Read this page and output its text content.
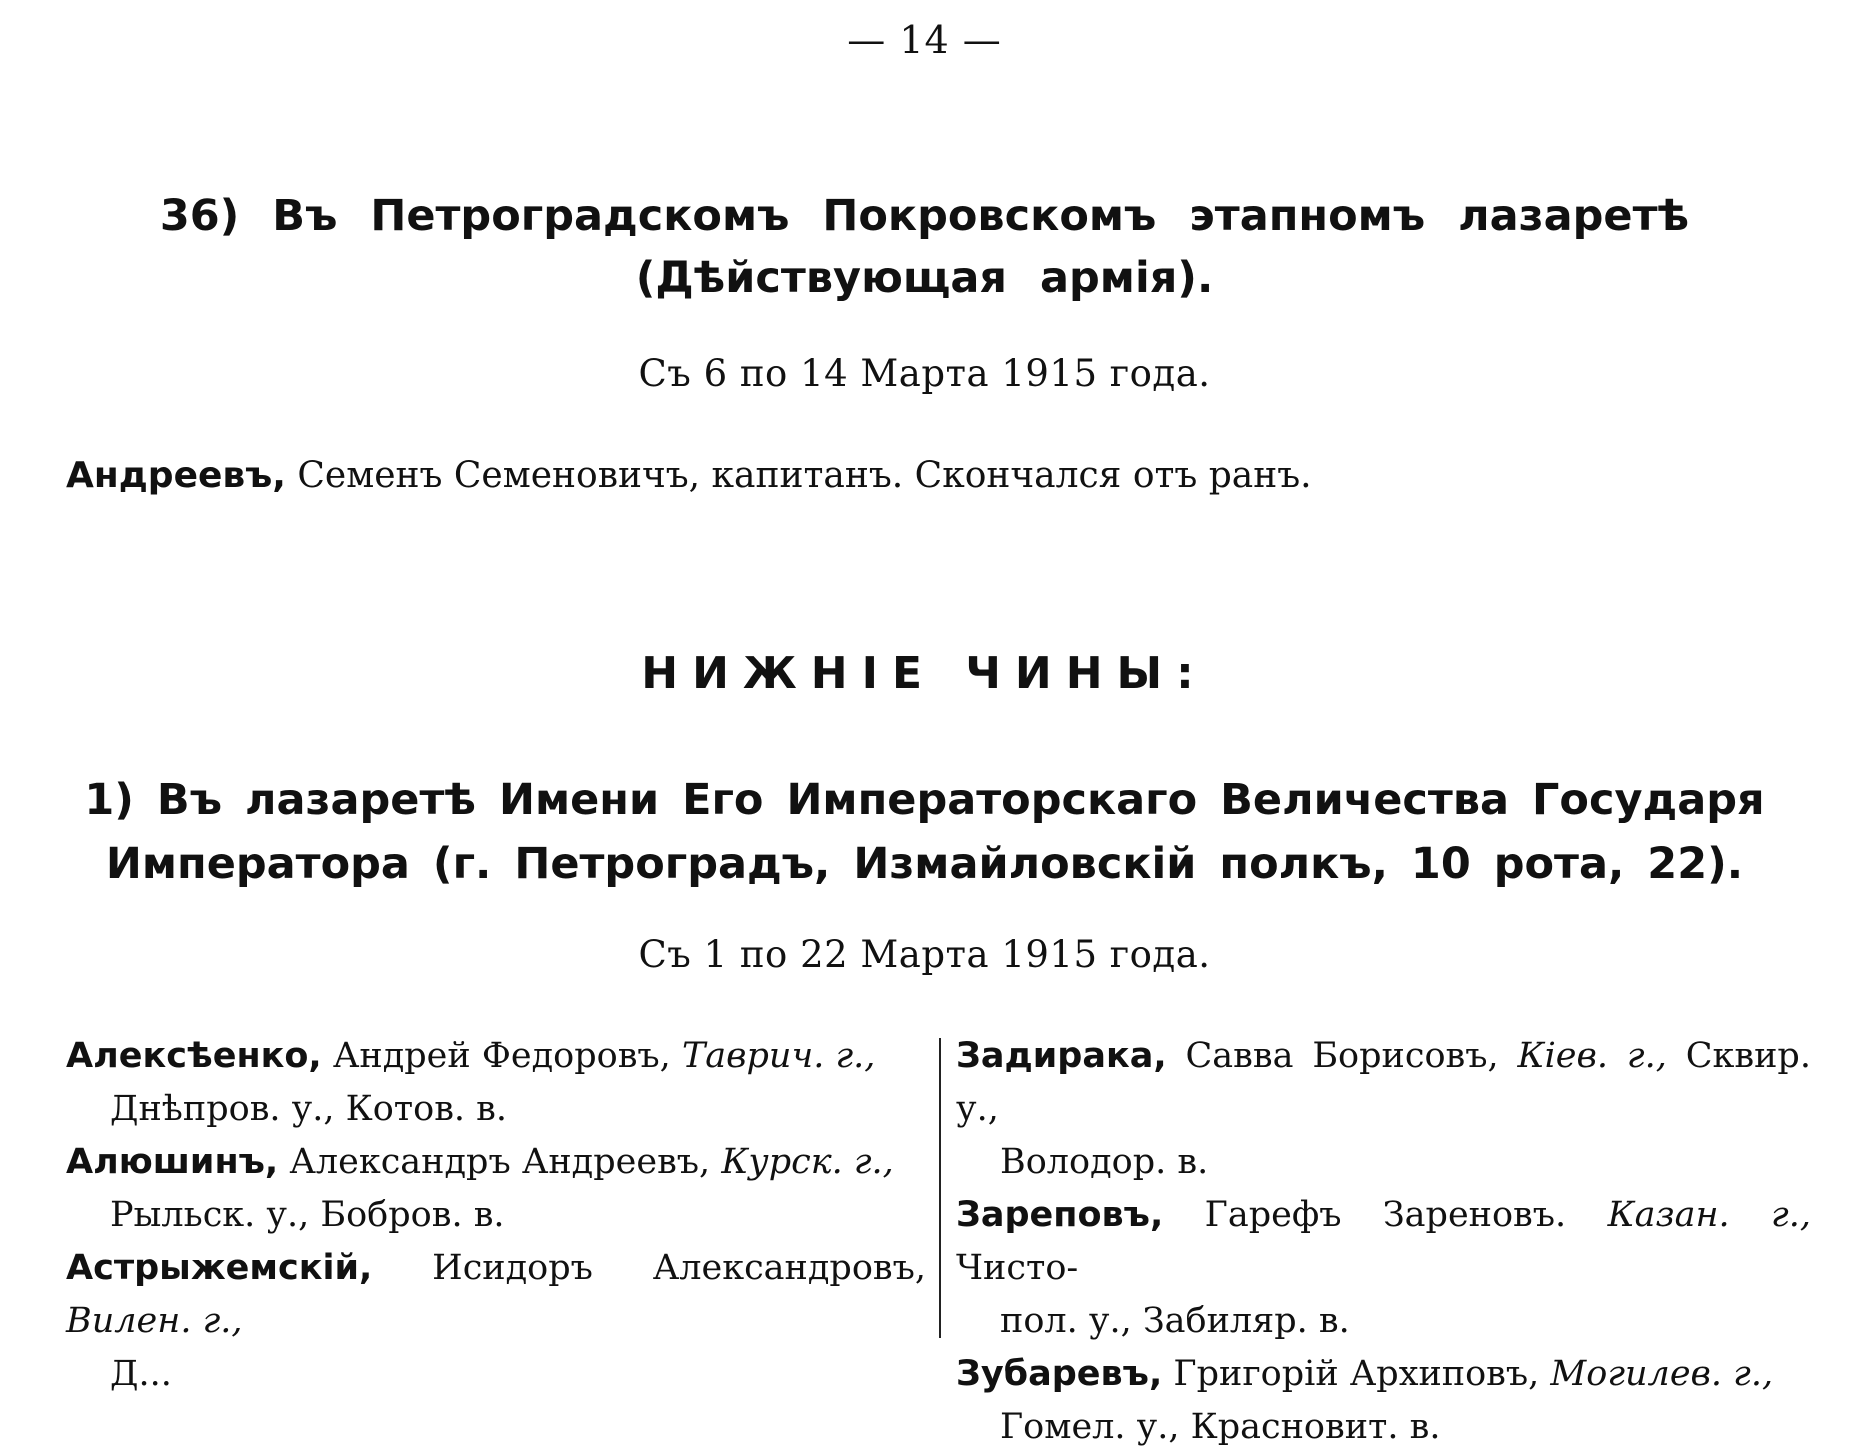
— 14 —
36) Въ Петроградскомъ Покровскомъ этапномъ лазаретѣ
(Дѣйствующая армія).
Съ 6 по 14 Марта 1915 года.
Андреевъ, Семенъ Семеновичъ, капитанъ. Скончался отъ ранъ.
НИЖНІЕ ЧИНЫ:
1) Въ лазаретѣ Имени Его Императорскаго Величества Государя
Императора (г. Петроградъ, Измайловскій полкъ, 10 рота, 22).
Съ 1 по 22 Марта 1915 года.
Алексѣенко, Андрей Федоровъ, Таврич. г.,
Днѣпров. у., Котов. в.
Алюшинъ, Александръ Андреевъ, Курск. г.,
Рыльск. у., Бобров. в.
Астрыжемскій, Исидоръ Александровъ, Вилен. г.,
Д...
Задирака, Савва Борисовъ, Кіев. г., Сквир. у.,
Володор. в.
Зареповъ, Гарефъ Зареновъ. Казан. г., Чисто-
пол. у., Забиляр. в.
Зубаревъ, Григорій Архиповъ, Могилев. г.,
Гомел. у., Красновит. в.
